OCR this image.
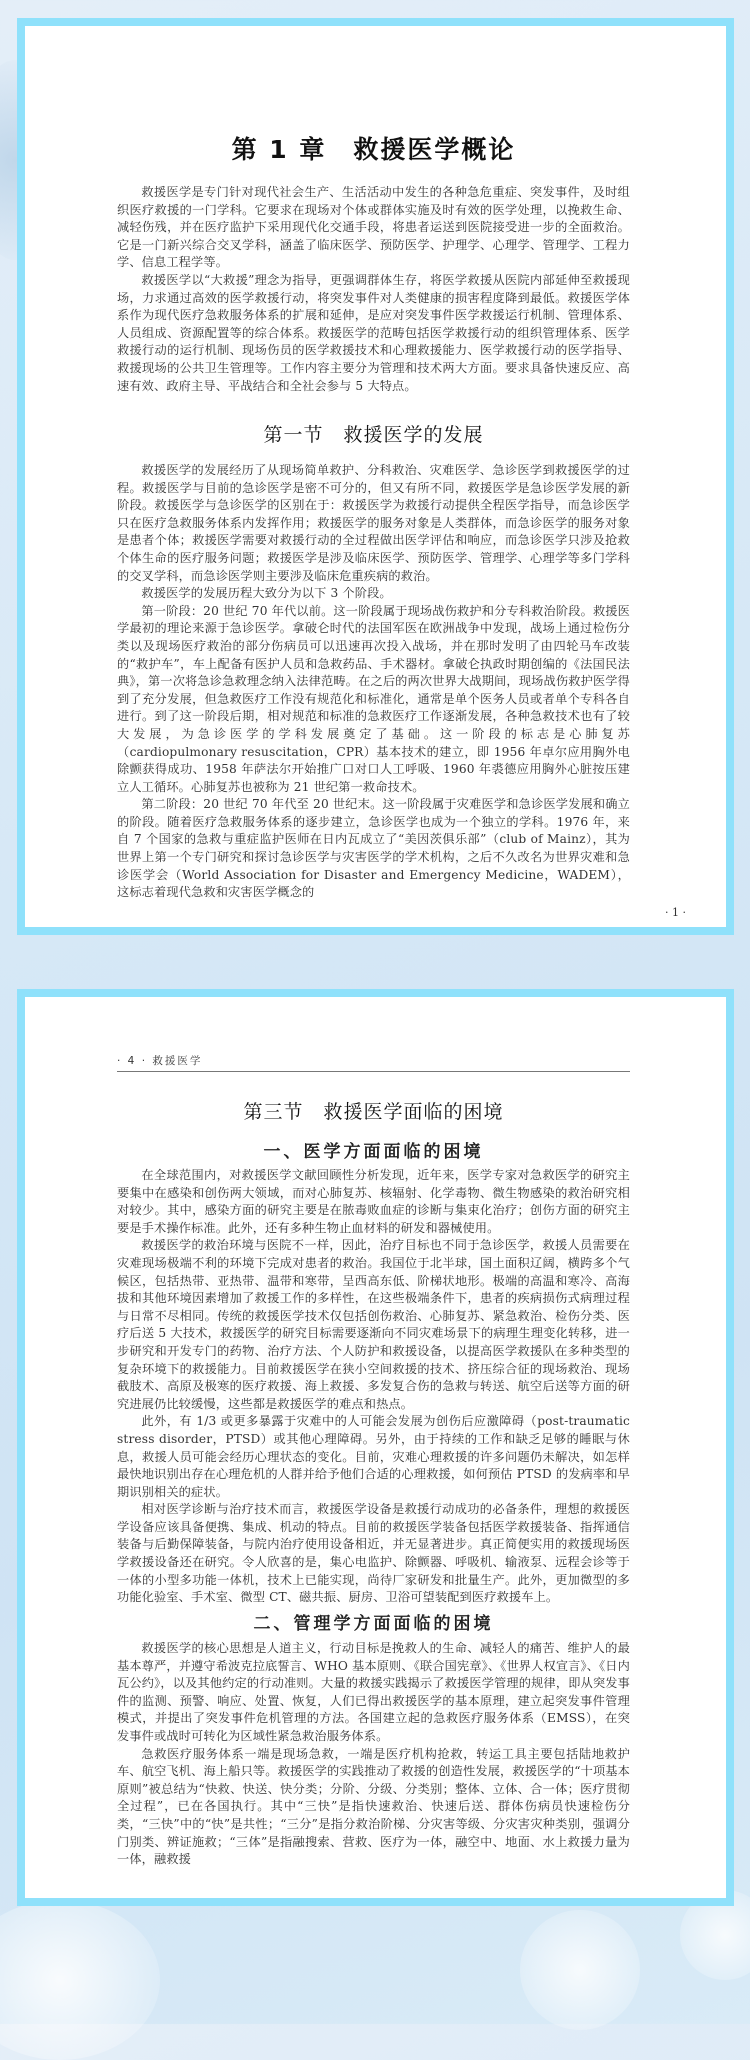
第 1 章　救援医学概论

救援医学是专门针对现代社会生产、生活活动中发生的各种急危重症、突发事件，及时组织医疗救援的一门学科。它要求在现场对个体或群体实施及时有效的医学处理，以挽救生命、减轻伤残，并在医疗监护下采用现代化交通手段，将患者运送到医院接受进一步的全面救治。它是一门新兴综合交叉学科，涵盖了临床医学、预防医学、护理学、心理学、管理学、工程力学、信息工程学等。

救援医学以“大救援”理念为指导，更强调群体生存，将医学救援从医院内部延伸至救援现场，力求通过高效的医学救援行动，将突发事件对人类健康的损害程度降到最低。救援医学体系作为现代医疗急救服务体系的扩展和延伸，是应对突发事件医学救援运行机制、管理体系、人员组成、资源配置等的综合体系。救援医学的范畴包括医学救援行动的组织管理体系、医学救援行动的运行机制、现场伤员的医学救援技术和心理救援能力、医学救援行动的医学指导、救援现场的公共卫生管理等。工作内容主要分为管理和技术两大方面。要求具备快速反应、高速有效、政府主导、平战结合和全社会参与 5 大特点。

第一节　救援医学的发展

救援医学的发展经历了从现场简单救护、分科救治、灾难医学、急诊医学到救援医学的过程。救援医学与目前的急诊医学是密不可分的，但又有所不同，救援医学是急诊医学发展的新阶段。救援医学与急诊医学的区别在于：救援医学为救援行动提供全程医学指导，而急诊医学只在医疗急救服务体系内发挥作用；救援医学的服务对象是人类群体，而急诊医学的服务对象是患者个体；救援医学需要对救援行动的全过程做出医学评估和响应，而急诊医学只涉及抢救个体生命的医疗服务问题；救援医学是涉及临床医学、预防医学、管理学、心理学等多门学科的交叉学科，而急诊医学则主要涉及临床危重疾病的救治。

救援医学的发展历程大致分为以下 3 个阶段。

第一阶段：20 世纪 70 年代以前。这一阶段属于现场战伤救护和分专科救治阶段。救援医学最初的理论来源于急诊医学。拿破仑时代的法国军医在欧洲战争中发现，战场上通过检伤分类以及现场医疗救治的部分伤病员可以迅速再次投入战场，并在那时发明了由四轮马车改装的“救护车”，车上配备有医护人员和急救药品、手术器材。拿破仑执政时期创编的《法国民法典》，第一次将急诊急救理念纳入法律范畴。在之后的两次世界大战期间，现场战伤救护医学得到了充分发展，但急救医疗工作没有规范化和标准化，通常是单个医务人员或者单个专科各自进行。到了这一阶段后期，相对规范和标准的急救医疗工作逐渐发展，各种急救技术也有了较大发展，为急诊医学的学科发展奠定了基础。这一阶段的标志是心肺复苏（cardiopulmonary resuscitation，CPR）基本技术的建立，即 1956 年卓尔应用胸外电除颤获得成功、1958 年萨法尔开始推广口对口人工呼吸、1960 年裘德应用胸外心脏按压建立人工循环。心肺复苏也被称为 21 世纪第一救命技术。

第二阶段：20 世纪 70 年代至 20 世纪末。这一阶段属于灾难医学和急诊医学发展和确立的阶段。随着医疗急救服务体系的逐步建立，急诊医学也成为一个独立的学科。1976 年，来自 7 个国家的急救与重症监护医师在日内瓦成立了“美因茨俱乐部”（club of Mainz），其为世界上第一个专门研究和探讨急诊医学与灾害医学的学术机构，之后不久改名为世界灾难和急诊医学会（World Association for Disaster and Emergency Medicine，WADEM），这标志着现代急救和灾害医学概念的

· 1 ·
· 4 · 救援医学
第三节　救援医学面临的困境
一、医学方面面临的困境

在全球范围内，对救援医学文献回顾性分析发现，近年来，医学专家对急救医学的研究主要集中在感染和创伤两大领域，而对心肺复苏、核辐射、化学毒物、微生物感染的救治研究相对较少。其中，感染方面的研究主要是在脓毒败血症的诊断与集束化治疗；创伤方面的研究主要是手术操作标准。此外，还有多种生物止血材料的研发和器械使用。

救援医学的救治环境与医院不一样，因此，治疗目标也不同于急诊医学，救援人员需要在灾难现场极端不利的环境下完成对患者的救治。我国位于北半球，国土面积辽阔，横跨多个气候区，包括热带、亚热带、温带和寒带，呈西高东低、阶梯状地形。极端的高温和寒冷、高海拔和其他环境因素增加了救援工作的多样性，在这些极端条件下，患者的疾病损伤式病理过程与日常不尽相同。传统的救援医学技术仅包括创伤救治、心肺复苏、紧急救治、检伤分类、医疗后送 5 大技术，救援医学的研究目标需要逐渐向不同灾难场景下的病理生理变化转移，进一步研究和开发专门的药物、治疗方法、个人防护和救援设备，以提高医学救援队在多种类型的复杂环境下的救援能力。目前救援医学在狭小空间救援的技术、挤压综合征的现场救治、现场截肢术、高原及极寒的医疗救援、海上救援、多发复合伤的急救与转送、航空后送等方面的研究进展仍比较缓慢，这些都是救援医学的难点和热点。

此外，有 1/3 或更多暴露于灾难中的人可能会发展为创伤后应激障碍（post-traumatic stress disorder，PTSD）或其他心理障碍。另外，由于持续的工作和缺乏足够的睡眠与休息，救援人员可能会经历心理状态的变化。目前，灾难心理救援的许多问题仍未解决，如怎样最快地识别出存在心理危机的人群并给予他们合适的心理救援，如何预估 PTSD 的发病率和早期识别相关的症状。

相对医学诊断与治疗技术而言，救援医学设备是救援行动成功的必备条件，理想的救援医学设备应该具备便携、集成、机动的特点。目前的救援医学装备包括医学救援装备、指挥通信装备与后勤保障装备，与院内治疗使用设备相近，并无显著进步。真正简便实用的救援现场医学救援设备还在研究。令人欣喜的是，集心电监护、除颤器、呼吸机、输液泵、远程会诊等于一体的小型多功能一体机，技术上已能实现，尚待厂家研发和批量生产。此外，更加微型的多功能化验室、手术室、微型 CT、磁共振、厨房、卫浴可望装配到医疗救援车上。

二、管理学方面面临的困境

救援医学的核心思想是人道主义，行动目标是挽救人的生命、减轻人的痛苦、维护人的最基本尊严，并遵守希波克拉底誓言、WHO 基本原则、《联合国宪章》、《世界人权宣言》、《日内瓦公约》，以及其他约定的行动准则。大量的救援实践揭示了救援医学管理的规律，即从突发事件的监测、预警、响应、处置、恢复，人们已得出救援医学的基本原理，建立起突发事件管理模式，并提出了突发事件危机管理的方法。各国建立起的急救医疗服务体系（EMSS），在突发事件或战时可转化为区域性紧急救治服务体系。

急救医疗服务体系一端是现场急救，一端是医疗机构抢救，转运工具主要包括陆地救护车、航空飞机、海上船只等。救援医学的实践推动了救援的创造性发展，救援医学的“十项基本原则”被总结为“快救、快送、快分类；分阶、分级、分类别；整体、立体、合一体；医疗贯彻全过程”，已在各国执行。其中“三快”是指快速救治、快速后送、群体伤病员快速检伤分类，“三快”中的“快”是共性；“三分”是指分救治阶梯、分灾害等级、分灾害灾种类别，强调分门别类、辨证施救；“三体”是指融搜索、营救、医疗为一体，融空中、地面、水上救援力量为一体，融救援
